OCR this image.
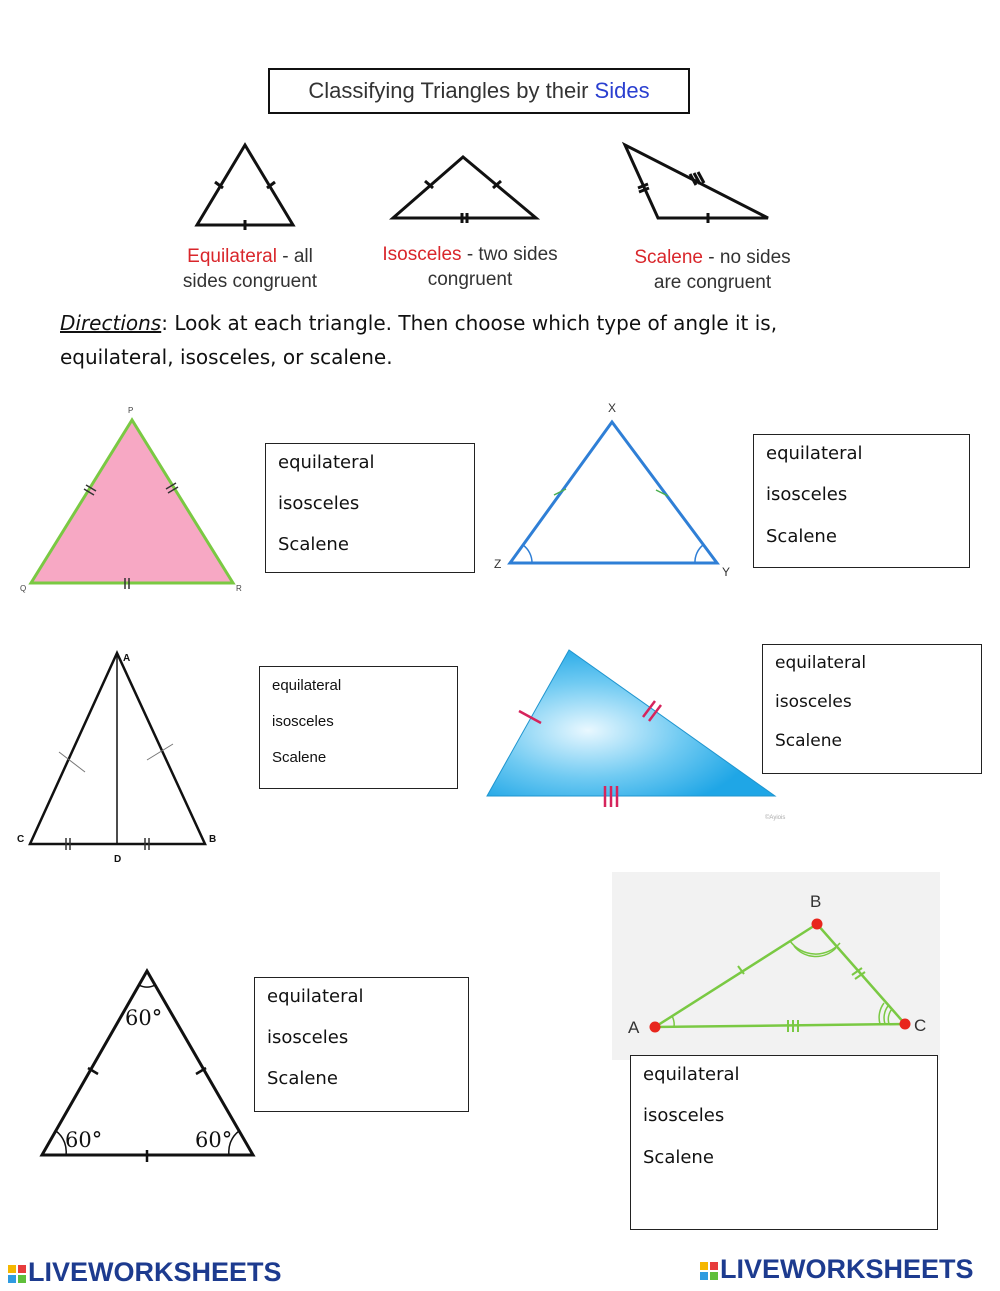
Classifying Triangles by their Sides
Equilateral - all
sides congruent
Isosceles - two sides
congruent
Scalene - no sides
are congruent
Directions: Look at each triangle. Then choose which type of angle it is,
equilateral, isosceles, or scalene.
P
Q	R
equilateral
isosceles
Scalene
X
Z
Y
equilateral
isosceles
Scalene
A
C	B
D
equilateral
isosceles
Scalene
©Ayiois
equilateral
isosceles
Scalene
60°
60°	60°
equilateral
isosceles
Scalene
B
A	C
equilateral
isosceles
Scalene
LIVEWORKSHEETS	LIVEWORKSHEETS
